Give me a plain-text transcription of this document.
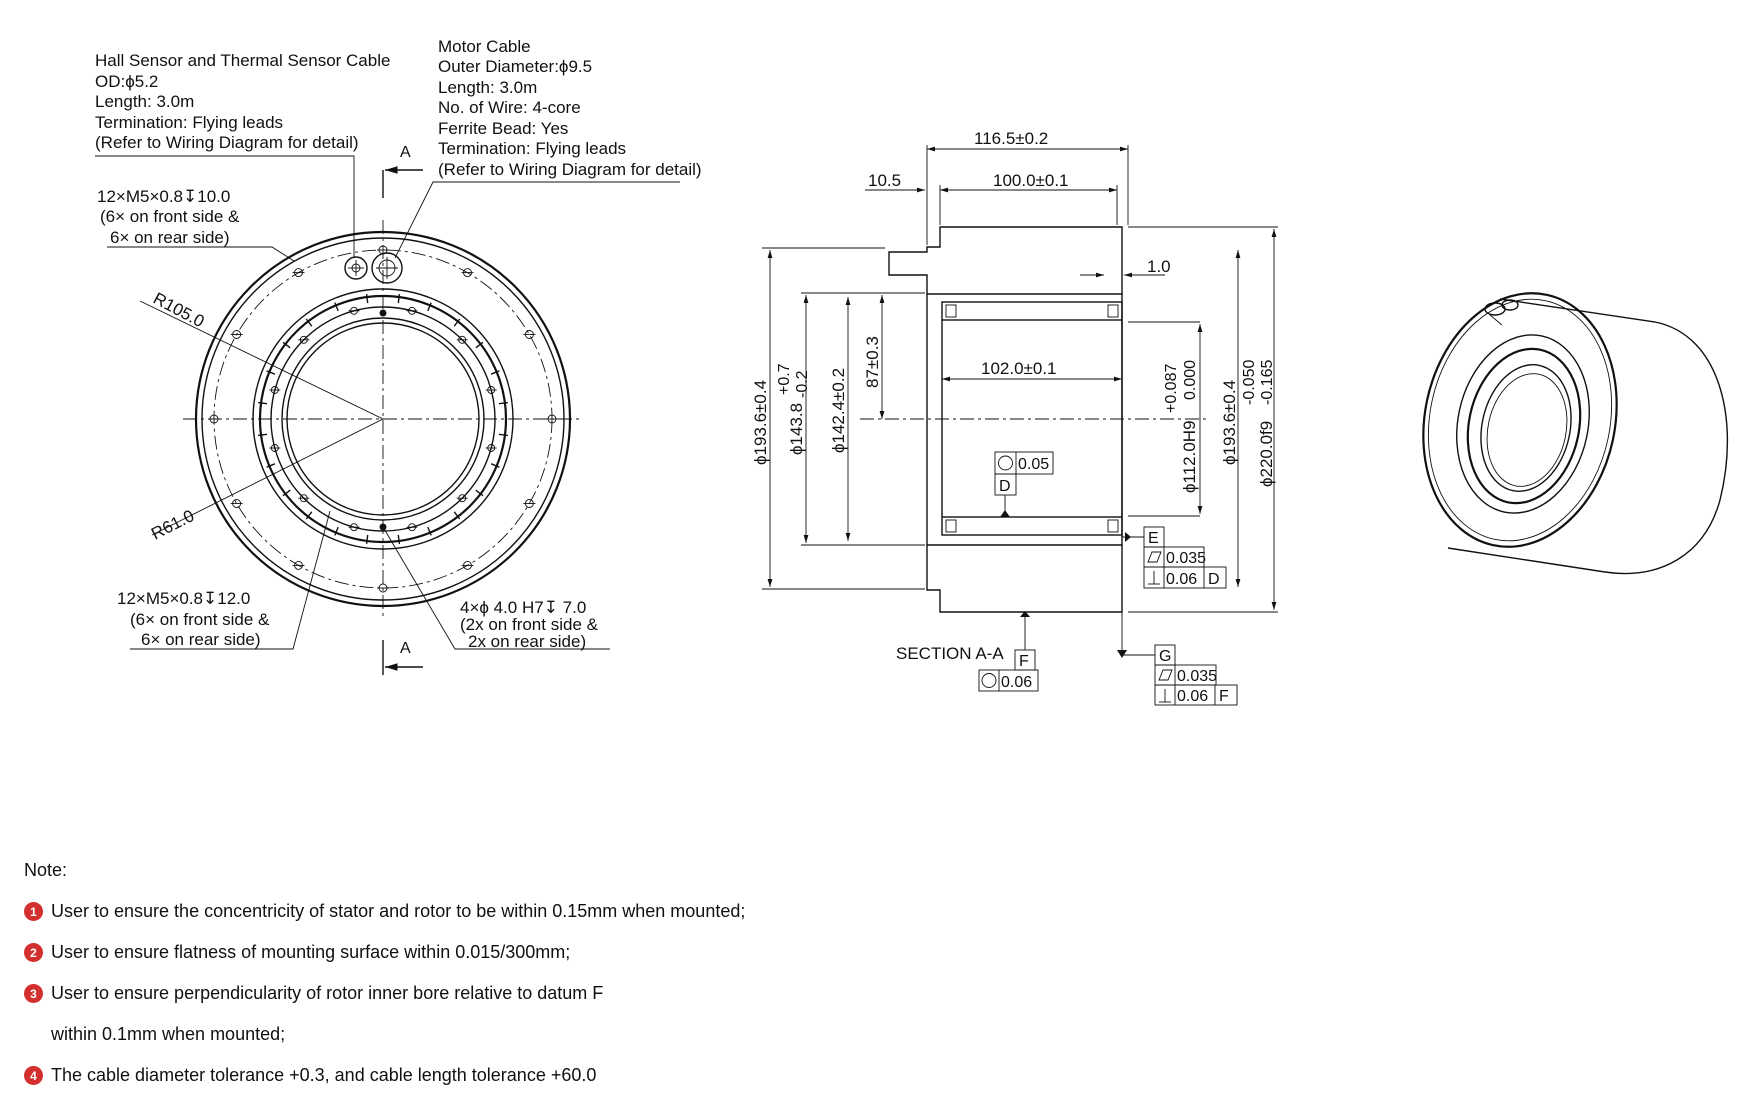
A
A
Hall Sensor and Thermal Sensor Cable OD:ϕ5.2 Length: 3.0m Termination: Flying leads (Refer to Wiring Diagram for detail)
Motor Cable Outer Diameter:ϕ9.5 Length: 3.0m No. of Wire: 4-core Ferrite Bead: Yes Termination: Flying leads (Refer to Wiring Diagram for detail)
12×M5×0.8↧10.0 (6× on front side & 6× on rear side)
R105.0
R61.0
12×M5×0.8↧12.0 (6× on front side & 6× on rear side)
4×ϕ 4.0 H7↧ 7.0 (2x on front side & 2x on rear side)
116.5±0.2
100.0±0.1
10.5
1.0
102.0±0.1
ϕ193.6±0.4 ϕ143.8
+0.7 -0.2 ϕ142.4±0.2
87±0.3
ϕ112.0H9
+0.087 0.000 ϕ193.6±0.4 ϕ220.0f9
-0.050 -0.165
0.05
D
E
0.035
0.06 D
F
0.06
SECTION A-A	G
0.035
0.06 F
Note:
1 User to ensure the concentricity of stator and rotor to be within 0.15mm when mounted;
2 User to ensure flatness of mounting surface within 0.015/300mm;
3 User to ensure perpendicularity of rotor inner bore relative to datum F
within 0.1mm when mounted;
4 The cable diameter tolerance +0.3, and cable length tolerance +60.0
